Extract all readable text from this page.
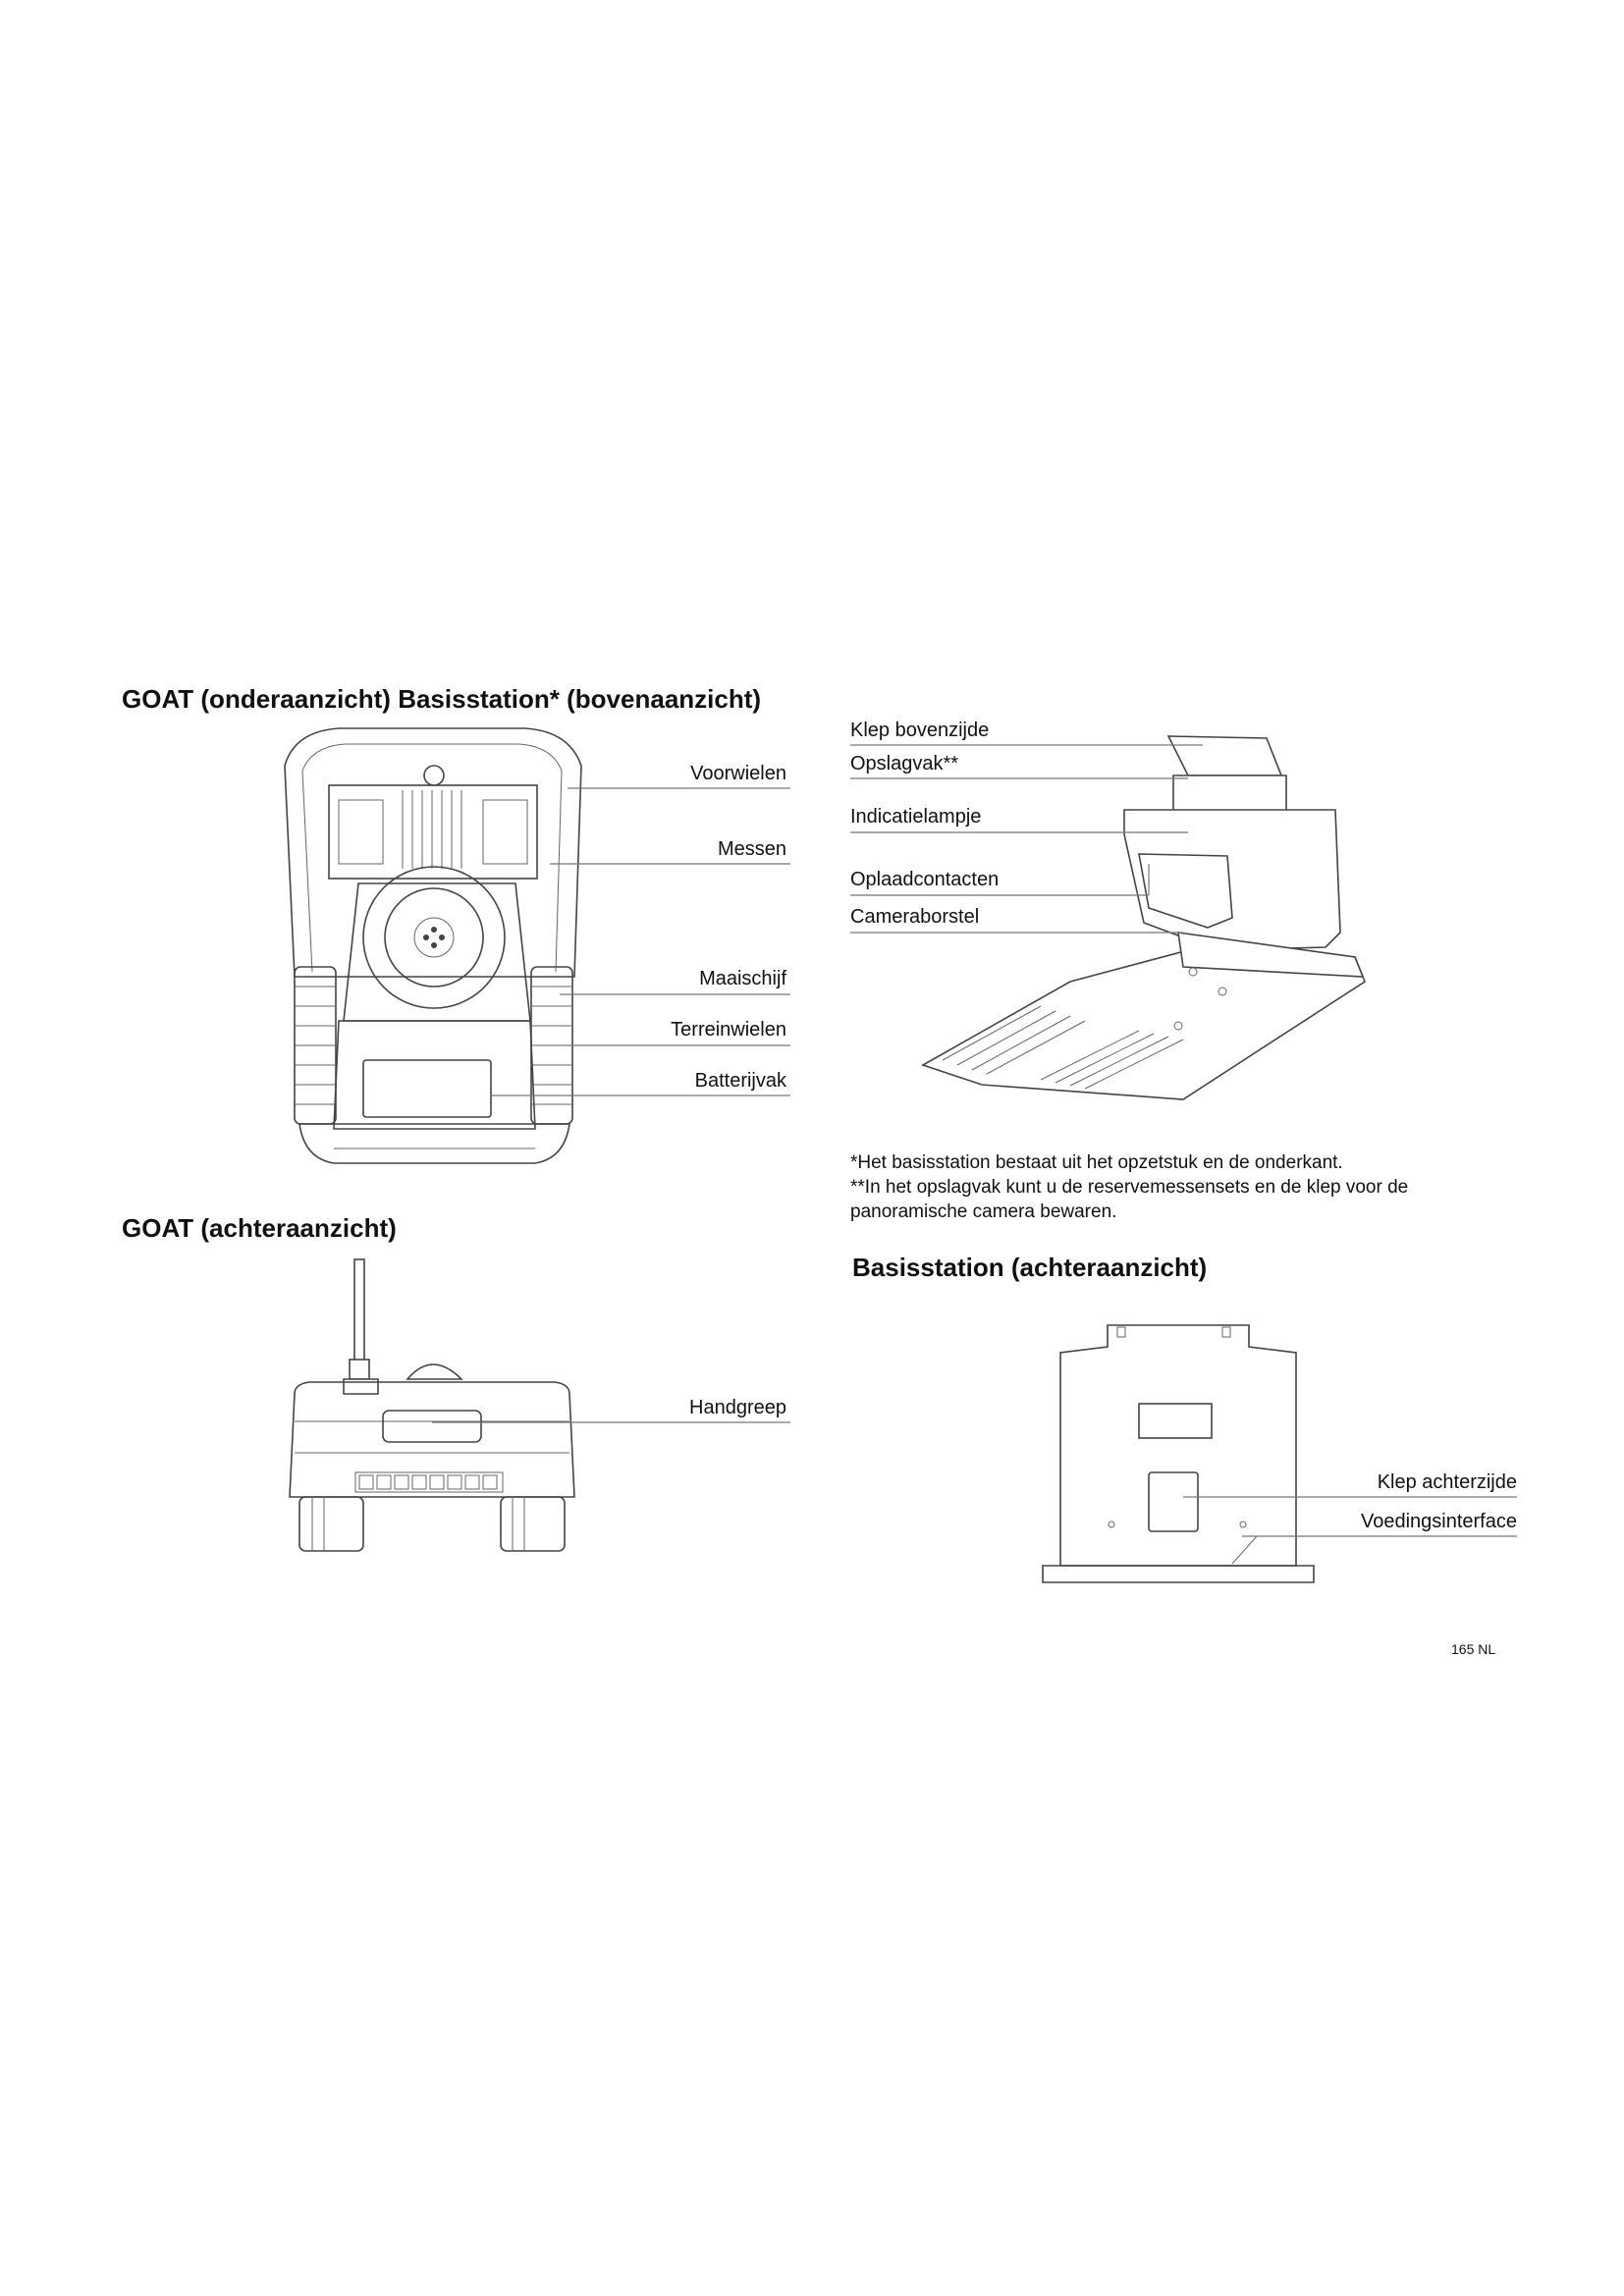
GOAT (onderaanzicht) Basisstation* (bovenaanzicht)
GOAT (achteraanzicht)
Basisstation (achteraanzicht)
Voorwielen
Messen
Maaischijf
Terreinwielen
Batterijvak
Klep bovenzijde
Opslagvak**
Indicatielampje
Oplaadcontacten
Cameraborstel
*Het basisstation bestaat uit het opzetstuk en de onderkant.
**In het opslagvak kunt u de reservemessensets en de klep voor de
panoramische camera bewaren.
Handgreep
Klep achterzijde
Voedingsinterface
165 NL
